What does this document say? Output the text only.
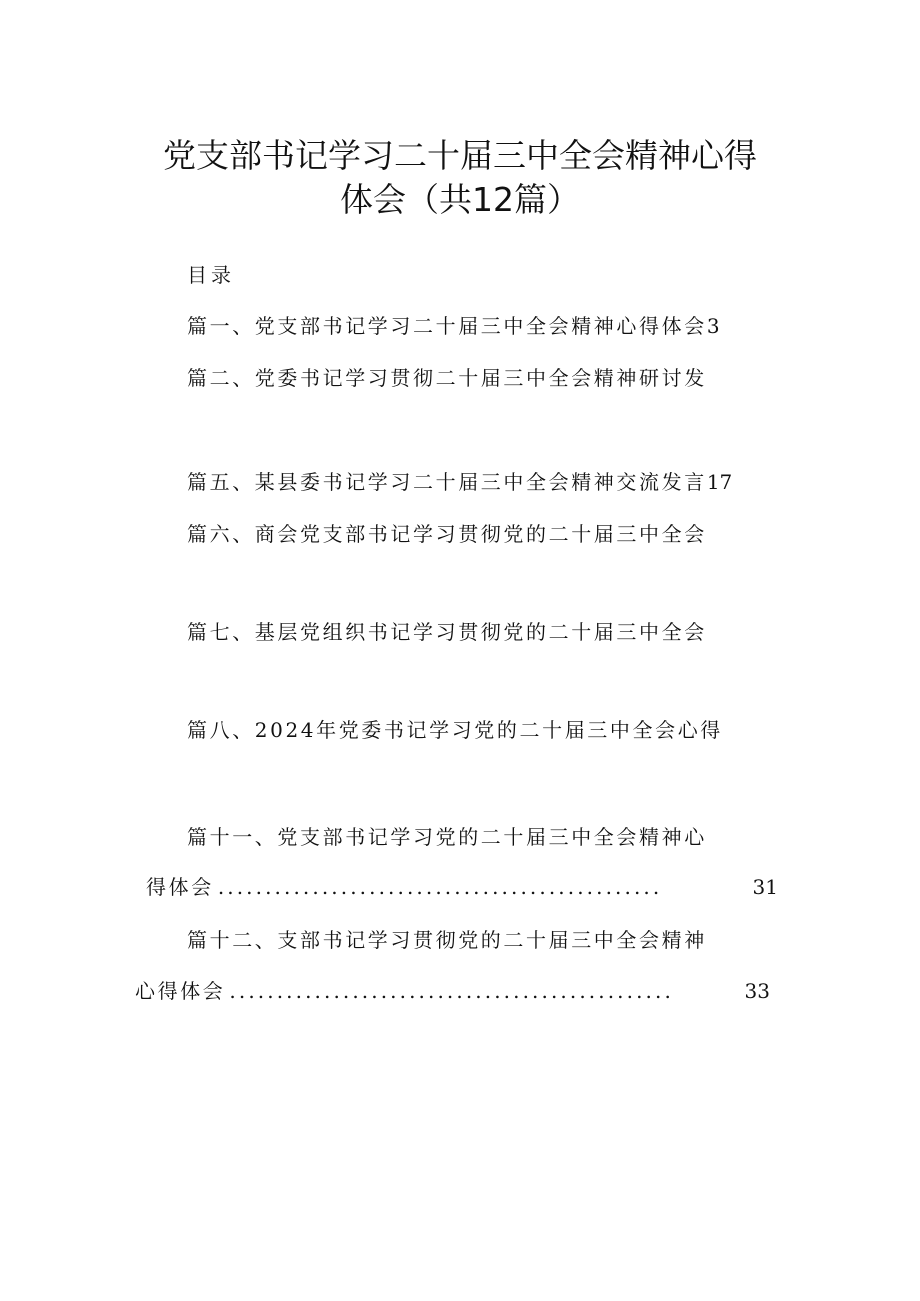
党支部书记学习二十届三中全会精神心得
体会（共12篇）
目录
篇一、党支部书记学习二十届三中全会精神心得体会3
篇二、党委书记学习贯彻二十届三中全会精神研讨发
篇五、某县委书记学习二十届三中全会精神交流发言17
篇六、商会党支部书记学习贯彻党的二十届三中全会
篇七、基层党组织书记学习贯彻党的二十届三中全会
篇八、2024年党委书记学习党的二十届三中全会心得
篇十一、党支部书记学习党的二十届三中全会精神心
得体会 ...............................................	31
篇十二、支部书记学习贯彻党的二十届三中全会精神
心得体会 ...............................................	33
